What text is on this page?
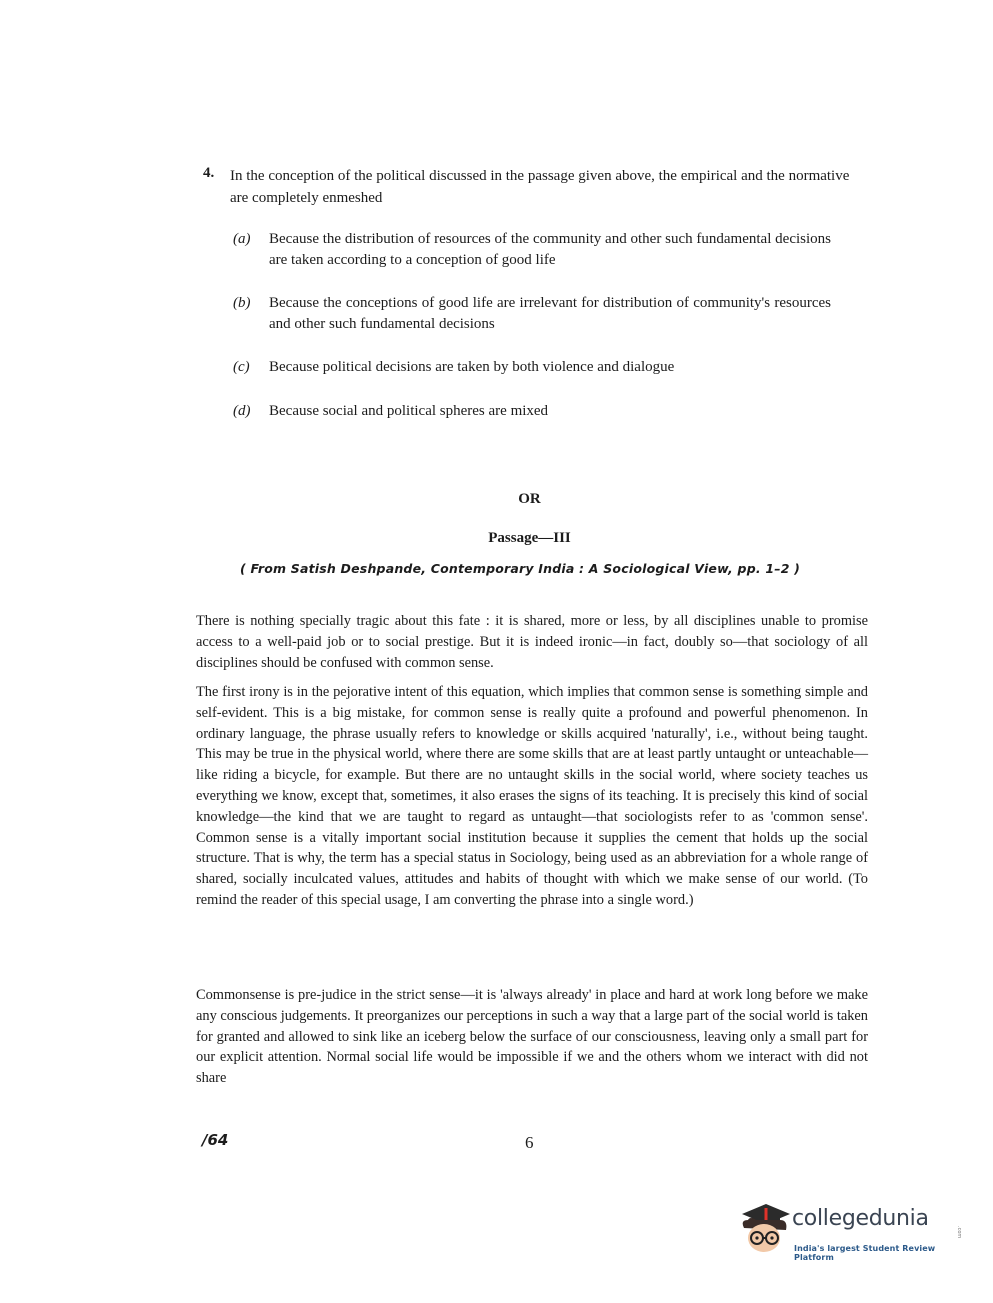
4. In the conception of the political discussed in the passage given above, the empirical and the normative are completely enmeshed
(a) Because the distribution of resources of the community and other such fundamental decisions are taken according to a conception of good life
(b) Because the conceptions of good life are irrelevant for distribution of community's resources and other such fundamental decisions
(c) Because political decisions are taken by both violence and dialogue
(d) Because social and political spheres are mixed
OR
Passage—III
( From Satish Deshpande, Contemporary India : A Sociological View, pp. 1–2 )

There is nothing specially tragic about this fate : it is shared, more or less, by all disciplines unable to promise access to a well-paid job or to social prestige. But it is indeed ironic—in fact, doubly so—that sociology of all disciplines should be confused with common sense.

The first irony is in the pejorative intent of this equation, which implies that common sense is something simple and self-evident. This is a big mistake, for common sense is really quite a profound and powerful phenomenon. In ordinary language, the phrase usually refers to knowledge or skills acquired 'naturally', i.e., without being taught. This may be true in the physical world, where there are some skills that are at least partly untaught or unteachable—like riding a bicycle, for example. But there are no untaught skills in the social world, where society teaches us everything we know, except that, sometimes, it also erases the signs of its teaching. It is precisely this kind of social knowledge—the kind that we are taught to regard as untaught—that sociologists refer to as 'common sense'. Common sense is a vitally important social institution because it supplies the cement that holds up the social structure. That is why, the term has a special status in Sociology, being used as an abbreviation for a whole range of shared, socially inculcated values, attitudes and habits of thought with which we make sense of our world. (To remind the reader of this special usage, I am converting the phrase into a single word.)

Commonsense is pre-judice in the strict sense—it is 'always already' in place and hard at work long before we make any conscious judgements. It preorganizes our perceptions in such a way that a large part of the social world is taken for granted and allowed to sink like an iceberg below the surface of our consciousness, leaving only a small part for our explicit attention. Normal social life would be impossible if we and the others whom we interact with did not share

/64	6
collegedunia
.com
India's largest Student Review Platform
